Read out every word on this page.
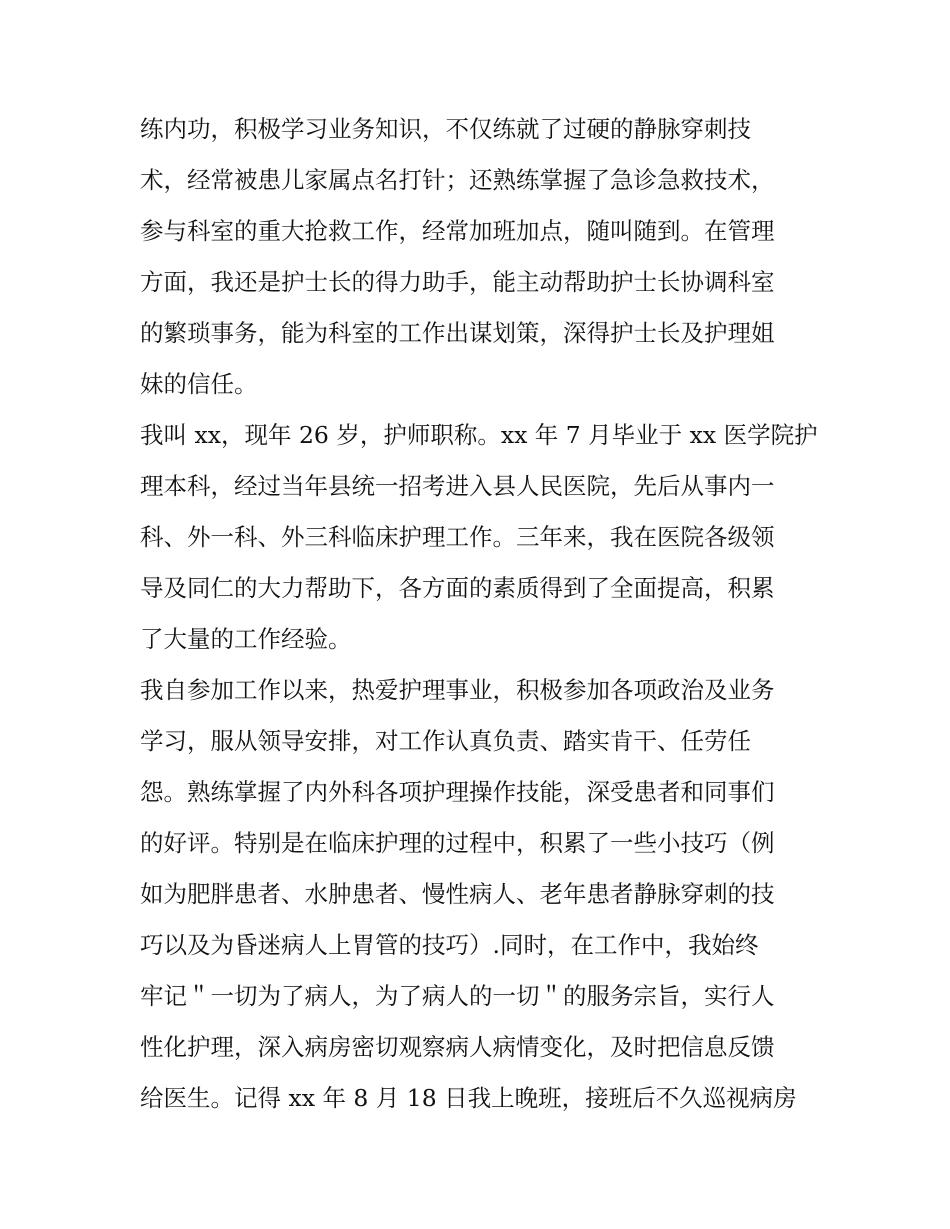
练内功，积极学习业务知识，不仅练就了过硬的静脉穿刺技
术，经常被患儿家属点名打针；还熟练掌握了急诊急救技术，
参与科室的重大抢救工作，经常加班加点，随叫随到。在管理
方面，我还是护士长的得力助手，能主动帮助护士长协调科室
的繁琐事务，能为科室的工作出谋划策，深得护士长及护理姐
妹的信任。
我叫 xx，现年 26 岁，护师职称。xx 年 7 月毕业于 xx 医学院护
理本科，经过当年县统一招考进入县人民医院，先后从事内一
科、外一科、外三科临床护理工作。三年来，我在医院各级领
导及同仁的大力帮助下，各方面的素质得到了全面提高，积累
了大量的工作经验。
我自参加工作以来，热爱护理事业，积极参加各项政治及业务
学习，服从领导安排，对工作认真负责、踏实肯干、任劳任
怨。熟练掌握了内外科各项护理操作技能，深受患者和同事们
的好评。特别是在临床护理的过程中，积累了一些小技巧（例
如为肥胖患者、水肿患者、慢性病人、老年患者静脉穿刺的技
巧以及为昏迷病人上胃管的技巧）.同时，在工作中，我始终
牢记＂一切为了病人，为了病人的一切＂的服务宗旨，实行人
性化护理，深入病房密切观察病人病情变化，及时把信息反馈
给医生。记得 xx 年 8 月 18 日我上晚班，接班后不久巡视病房
